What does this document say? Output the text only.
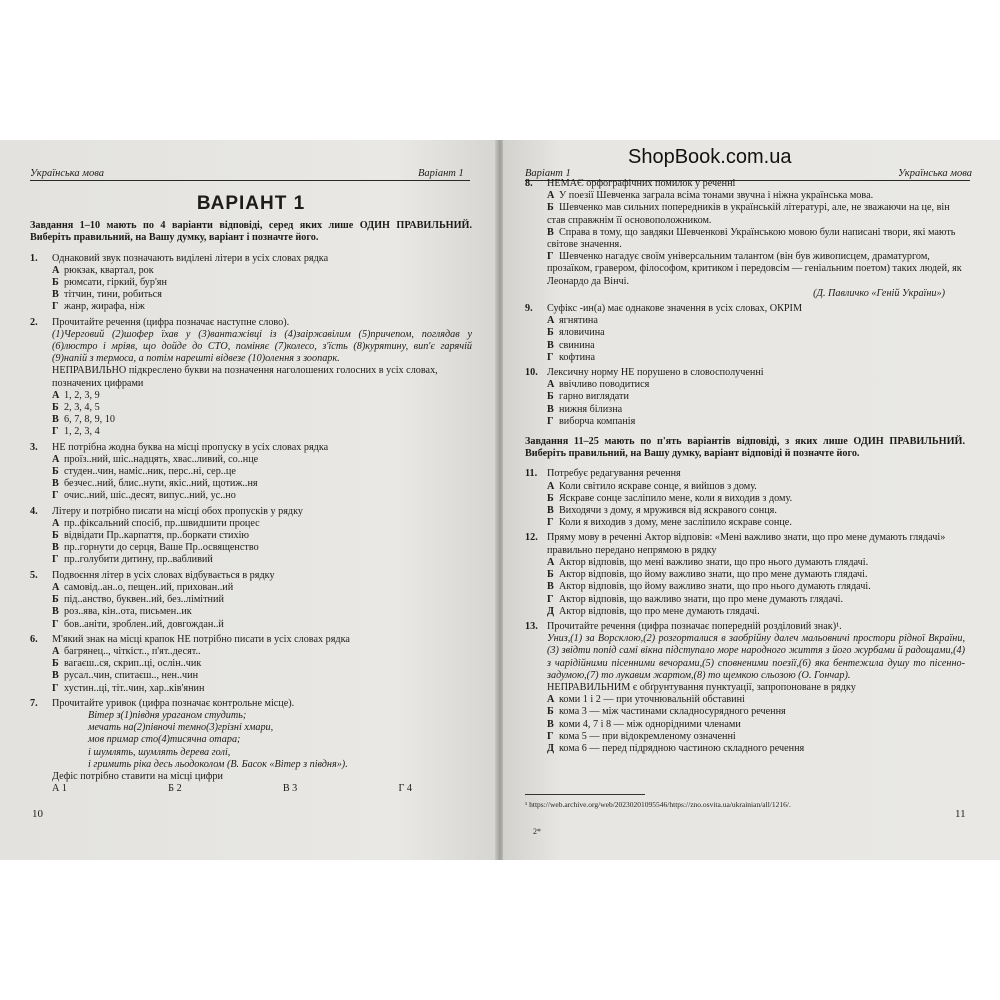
Українська мова	Варіант 1
ВАРІАНТ 1
Завдання 1–10 мають по 4 варіанти відповіді, серед яких лише ОДИН ПРАВИЛЬНИЙ. Виберіть правильний, на Вашу думку, варіант і позначте його.
1.	Однаковий звук позначають виділені літери в усіх словах рядка
А рюкзак, квартал, рок
Б рюмсати, гіркий, бур'ян
В тітчин, тини, робиться
Г жанр, жирафа, ніж
2.	Прочитайте речення (цифра позначає наступне слово).
(1)Черговий (2)шофер їхав у (3)вантажівці із (4)заіржавілим (5)причепом, поглядав у (6)люстро і мріяв, що дойде до СТО, поміняє (7)колесо, з'їсть (8)курятину, вип'є гарячій (9)напій з термоса, а потім нарешті відвезе (10)олення з зоопарк.
НЕПРАВИЛЬНО підкреслено букви на позначення наголошених голосних в усіх словах, позначених цифрами
А 1, 2, 3, 9
Б 2, 3, 4, 5
В 6, 7, 8, 9, 10
Г 1, 2, 3, 4
3.	НЕ потрібна жодна буква на місці пропуску в усіх словах рядка
А проїз..ний, шіс..надцять, хвас..ливий, со..нце
Б студен..чин, наміс..ник, перс..ні, сер..це
В безчес..ний, блис..нути, якіс..ний, щотиж..ня
Г очис..ний, шіс..десят, випус..ний, ус..но
4.	Літеру и потрібно писати на місці обох пропусків у рядку
А пр..фіксальний спосіб, пр..швидшити процес
Б відвідати Пр..карпаття, пр..боркати стихію
В пр..горнути до серця, Ваше Пр..освященство
Г пр..голубити дитину, пр..вабливий
5.	Подвоєння літер в усіх словах відбувається в рядку
А самовід..ан..о, пещен..ий, прихован..ий
Б під..анство, буквен..ий, без..лімітний
В роз..ява, кін..ота, письмен..ик
Г бов..аніти, зроблен..ий, довгождан..й
6.	М'який знак на місці крапок НЕ потрібно писати в усіх словах рядка
А багрянец.., чіткіст.., п'ят..десят..
Б вагаєш..ся, скрип..ці, ослін..чик
В русал..чин, спитаєш.., нен..чин
Г хустин..ці, тіт..чин, хар..ків'янин
7.	Прочитайте уривок (цифра позначає контрольне місце).
Вітер з(1)півдня ураганом студить;
мечать на(2)півночі темно(3)грізні хмари,
мов примар сто(4)тисячна отара;
і шумлять, шумлять дерева голі,
і гримить ріка десь льодоколом (В. Басок «Вітер з півдня»).
Дефіс потрібно ставити на місці цифри
А 1	Б 2	В 3	Г 4
10
Варіант 1	Українська мова
8.	НЕМАЄ орфографічних помилок у реченні
А У поезії Шевченка заграла всіма тонами звучна і ніжна українська мова.
Б Шевченко мав сильних попередників в українській літературі, але, не зважаючи на це, він став справжнім її основоположником.
В Справа в тому, що завдяки Шевченкові Українською мовою були написані твори, які мають світове значення.
Г Шевченко нагадує своїм універсальним талантом (він був живописцем, драматургом, прозаїком, гравером, філософом, критиком і передовсім — геніальним поетом) таких людей, як Леонардо да Вінчі.
(Д. Павличко «Геній України»)
9.	Суфікс -ин(а) має однакове значення в усіх словах, ОКРІМ
А ягнятина
Б яловичина
В свинина
Г кофтина
10. Лексичну норму НЕ порушено в словосполученні
А ввічливо поводитися
Б гарно виглядати
В нижня білизна
Г виборча компанія
Завдання 11–25 мають по п'ять варіантів відповіді, з яких лише ОДИН ПРАВИЛЬНИЙ. Виберіть правильний, на Вашу думку, варіант відповіді й позначте його.
11. Потребує редагування речення
А Коли світило яскраве сонце, я вийшов з дому.
Б Яскраве сонце засліпило мене, коли я виходив з дому.
В Виходячи з дому, я мружився від яскравого сонця.
Г Коли я виходив з дому, мене засліпило яскраве сонце.
12. Пряму мову в реченні Актор відповів: «Мені важливо знати, що про мене думають глядачі» правильно передано непрямою в рядку
А Актор відповів, що мені важливо знати, що про нього думають глядачі.
Б Актор відповів, що йому важливо знати, що про мене думають глядачі.
В Актор відповів, що йому важливо знати, що про нього думають глядачі.
Г Актор відповів, що важливо знати, що про мене думають глядачі.
Д Актор відповів, що про мене думають глядачі.
13. Прочитайте речення (цифра позначає попередній розділовий знак)¹.
Униз,(1) за Ворсклою,(2) розгорталися в заобрійну далеч мальовничі простори рідної Вкраїни,(3) звідти попід самі вікна підступало море народного життя з його журбами й радощами,(4) з чарідійними пісенними вечорами,(5) сповненими поезії,(6) яка бентежила душу то пісенно-задумою,(7) то лукавим жартом,(8) то щемкою сльозою (О. Гончар).
НЕПРАВИЛЬНИМ є обґрунтування пунктуації, запропоноване в рядку
А коми 1 і 2 — при уточнювальній обставині
Б кома 3 — між частинами складносурядного речення
В коми 4, 7 і 8 — між однорідними членами
Г кома 5 — при відокремленому означенні
Д кома 6 — перед підрядною частиною складного речення
¹ https://web.archive.org/web/20230201095546/https://zno.osvita.ua/ukrainian/all/1216/.
2*
11
ShopBook.com.ua
